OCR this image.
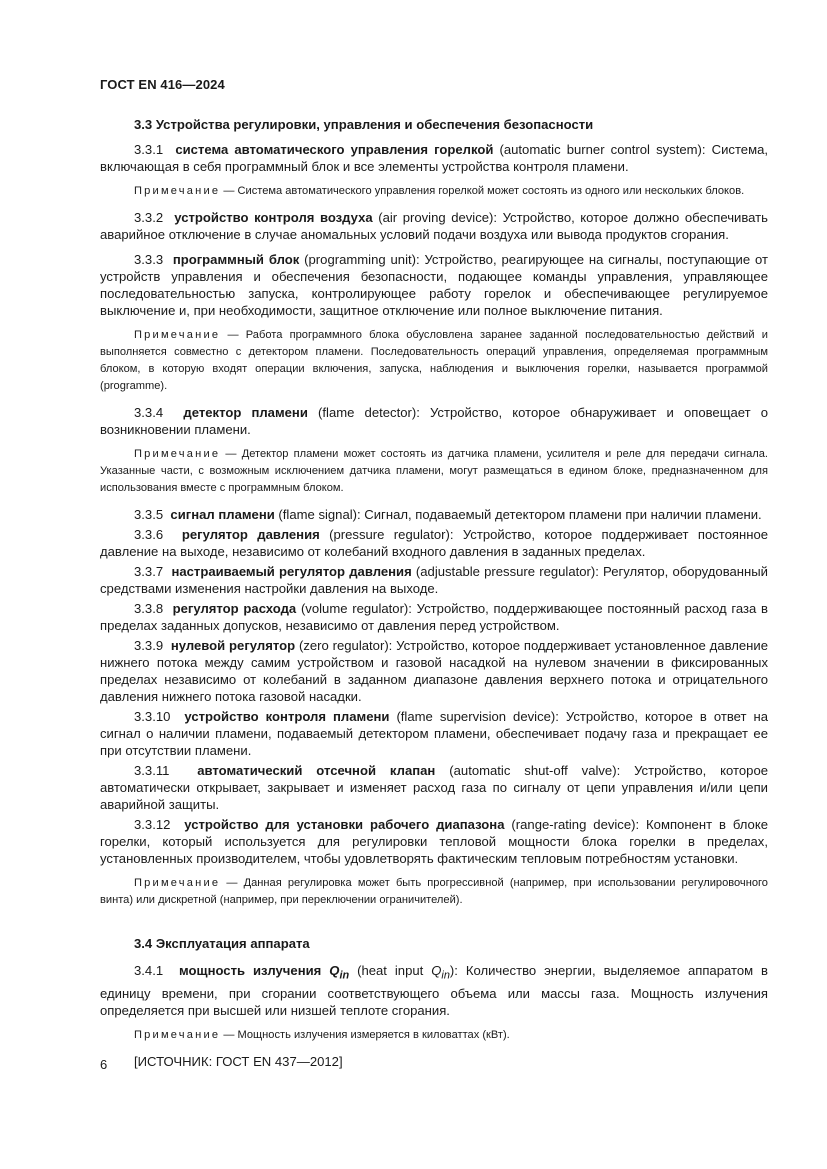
ГОСТ EN 416—2024

3.3 Устройства регулировки, управления и обеспечения безопасности

3.3.1 система автоматического управления горелкой (automatic burner control system): Система, включающая в себя программный блок и все элементы устройства контроля пламени.

Примечание — Система автоматического управления горелкой может состоять из одного или нескольких блоков.

3.3.2 устройство контроля воздуха (air proving device): Устройство, которое должно обеспечивать аварийное отключение в случае аномальных условий подачи воздуха или вывода продуктов сгорания.

3.3.3 программный блок (programming unit): Устройство, реагирующее на сигналы, поступающие от устройств управления и обеспечения безопасности, подающее команды управления, управляющее последовательностью запуска, контролирующее работу горелок и обеспечивающее регулируемое выключение и, при необходимости, защитное отключение или полное выключение питания.

Примечание — Работа программного блока обусловлена заранее заданной последовательностью действий и выполняется совместно с детектором пламени. Последовательность операций управления, определяемая программным блоком, в которую входят операции включения, запуска, наблюдения и выключения горелки, называется программой (programme).

3.3.4 детектор пламени (flame detector): Устройство, которое обнаруживает и оповещает о возникновении пламени.

Примечание — Детектор пламени может состоять из датчика пламени, усилителя и реле для передачи сигнала. Указанные части, с возможным исключением датчика пламени, могут размещаться в едином блоке, предназначенном для использования вместе с программным блоком.

3.3.5 сигнал пламени (flame signal): Сигнал, подаваемый детектором пламени при наличии пламени.

3.3.6 регулятор давления (pressure regulator): Устройство, которое поддерживает постоянное давление на выходе, независимо от колебаний входного давления в заданных пределах.

3.3.7 настраиваемый регулятор давления (adjustable pressure regulator): Регулятор, оборудованный средствами изменения настройки давления на выходе.

3.3.8 регулятор расхода (volume regulator): Устройство, поддерживающее постоянный расход газа в пределах заданных допусков, независимо от давления перед устройством.

3.3.9 нулевой регулятор (zero regulator): Устройство, которое поддерживает установленное давление нижнего потока между самим устройством и газовой насадкой на нулевом значении в фиксированных пределах независимо от колебаний в заданном диапазоне давления верхнего потока и отрицательного давления нижнего потока газовой насадки.

3.3.10 устройство контроля пламени (flame supervision device): Устройство, которое в ответ на сигнал о наличии пламени, подаваемый детектором пламени, обеспечивает подачу газа и прекращает ее при отсутствии пламени.

3.3.11 автоматический отсечной клапан (automatic shut-off valve): Устройство, которое автоматически открывает, закрывает и изменяет расход газа по сигналу от цепи управления и/или цепи аварийной защиты.

3.3.12 устройство для установки рабочего диапазона (range-rating device): Компонент в блоке горелки, который используется для регулировки тепловой мощности блока горелки в пределах, установленных производителем, чтобы удовлетворять фактическим тепловым потребностям установки.

Примечание — Данная регулировка может быть прогрессивной (например, при использовании регулировочного винта) или дискретной (например, при переключении ограничителей).

3.4 Эксплуатация аппарата

3.4.1 мощность излучения $Q_{in}$ (heat input $Q_{in}$): Количество энергии, выделяемое аппаратом в единицу времени, при сгорании соответствующего объема или массы газа. Мощность излучения определяется при высшей или низшей теплоте сгорания.

Примечание — Мощность излучения измеряется в киловаттах (кВт).

[ИСТОЧНИК: ГОСТ EN 437—2012]

6
